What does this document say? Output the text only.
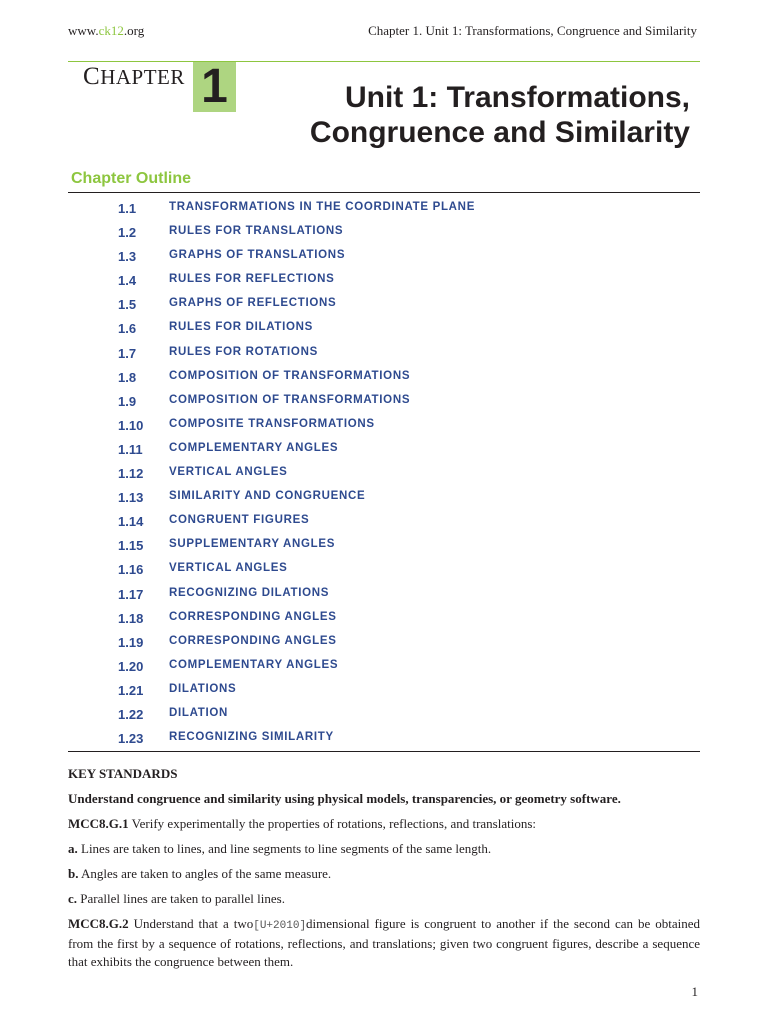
www.ck12.org	Chapter 1. Unit 1: Transformations, Congruence and Similarity
CHAPTER 1	Unit 1: Transformations,
Congruence and Similarity
Chapter Outline
1.1	TRANSFORMATIONS IN THE COORDINATE PLANE
1.2	RULES FOR TRANSLATIONS
1.3	GRAPHS OF TRANSLATIONS
1.4	RULES FOR REFLECTIONS
1.5	GRAPHS OF REFLECTIONS
1.6	RULES FOR DILATIONS
1.7	RULES FOR ROTATIONS
1.8	COMPOSITION OF TRANSFORMATIONS
1.9	COMPOSITION OF TRANSFORMATIONS
1.10 COMPOSITE TRANSFORMATIONS
1.11 COMPLEMENTARY ANGLES
1.12 VERTICAL ANGLES
1.13 SIMILARITY AND CONGRUENCE
1.14 CONGRUENT FIGURES
1.15 SUPPLEMENTARY ANGLES
1.16 VERTICAL ANGLES
1.17 RECOGNIZING DILATIONS
1.18 CORRESPONDING ANGLES
1.19 CORRESPONDING ANGLES
1.20 COMPLEMENTARY ANGLES
1.21 DILATIONS
1.22 DILATION
1.23 RECOGNIZING SIMILARITY

KEY STANDARDS

Understand congruence and similarity using physical models, transparencies, or geometry software.

MCC8.G.1 Verify experimentally the properties of rotations, reflections, and translations:

a. Lines are taken to lines, and line segments to line segments of the same length.

b. Angles are taken to angles of the same measure.

c. Parallel lines are taken to parallel lines.

MCC8.G.2 Understand that a two[U+2010]dimensional figure is congruent to another if the second can be obtained from the first by a sequence of rotations, reflections, and translations; given two congruent figures, describe a sequence that exhibits the congruence between them.

1
